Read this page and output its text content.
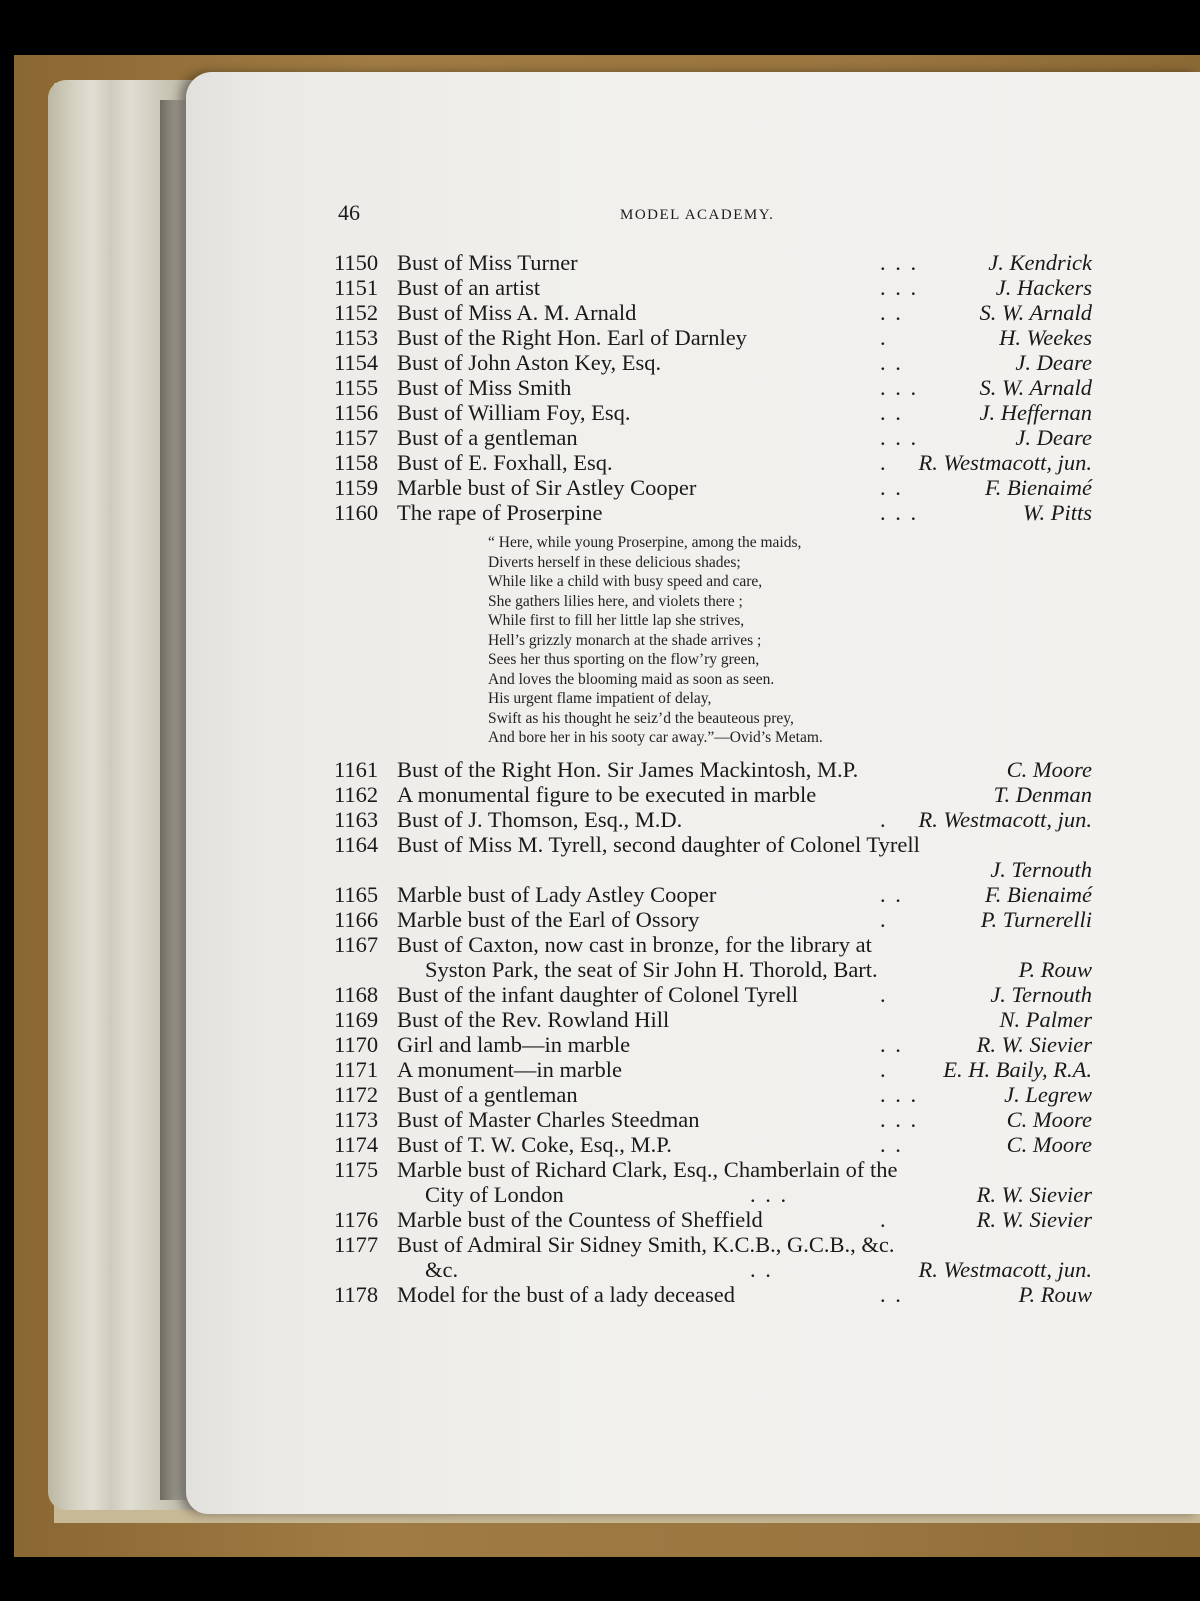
46	MODEL ACADEMY.
1150 Bust of Miss Turner	. . .	J. Kendrick
1151 Bust of an artist	. . .	J. Hackers
1152 Bust of Miss A. M. Arnald	. .	S. W. Arnald
1153 Bust of the Right Hon. Earl of Darnley	.	H. Weekes
1154 Bust of John Aston Key, Esq.	. .	J. Deare
1155 Bust of Miss Smith	. . .	S. W. Arnald
1156 Bust of William Foy, Esq.	. .	J. Heffernan
1157 Bust of a gentleman	. . .	J. Deare
1158 Bust of E. Foxhall, Esq.	. R. Westmacott, jun.
1159 Marble bust of Sir Astley Cooper	. .	F. Bienaimé
1160 The rape of Proserpine	. . .	W. Pitts
“ Here, while young Proserpine, among the maids,
Diverts herself in these delicious shades;
While like a child with busy speed and care,
She gathers lilies here, and violets there ;
While first to fill her little lap she strives,
Hell’s grizzly monarch at the shade arrives ;
Sees her thus sporting on the flow’ry green,
And loves the blooming maid as soon as seen.
His urgent flame impatient of delay,
Swift as his thought he seiz’d the beauteous prey,
And bore her in his sooty car away.”—Ovid’s Metam.
1161 Bust of the Right Hon. Sir James Mackintosh, M.P.	C. Moore
1162 A monumental figure to be executed in marble	T. Denman
1163 Bust of J. Thomson, Esq., M.D.	. R. Westmacott, jun.
1164 Bust of Miss M. Tyrell, second daughter of Colonel Tyrell
J. Ternouth
1165 Marble bust of Lady Astley Cooper	. .	F. Bienaimé
1166 Marble bust of the Earl of Ossory	.	P. Turnerelli
1167 Bust of Caxton, now cast in bronze, for the library at
Syston Park, the seat of Sir John H. Thorold, Bart.	P. Rouw
1168 Bust of the infant daughter of Colonel Tyrell	.	J. Ternouth
1169 Bust of the Rev. Rowland Hill	N. Palmer
1170 Girl and lamb—in marble	. .	R. W. Sievier
1171 A monument—in marble	. E. H. Baily, R.A.
1172 Bust of a gentleman	. . .	J. Legrew
1173 Bust of Master Charles Steedman	. . .	C. Moore
1174 Bust of T. W. Coke, Esq., M.P.	. .	C. Moore
1175 Marble bust of Richard Clark, Esq., Chamberlain of the
City of London	. . .	R. W. Sievier
1176 Marble bust of the Countess of Sheffield	.	R. W. Sievier
1177 Bust of Admiral Sir Sidney Smith, K.C.B., G.C.B., &c.
&c.	. .	R. Westmacott, jun.
1178 Model for the bust of a lady deceased	. .	P. Rouw
